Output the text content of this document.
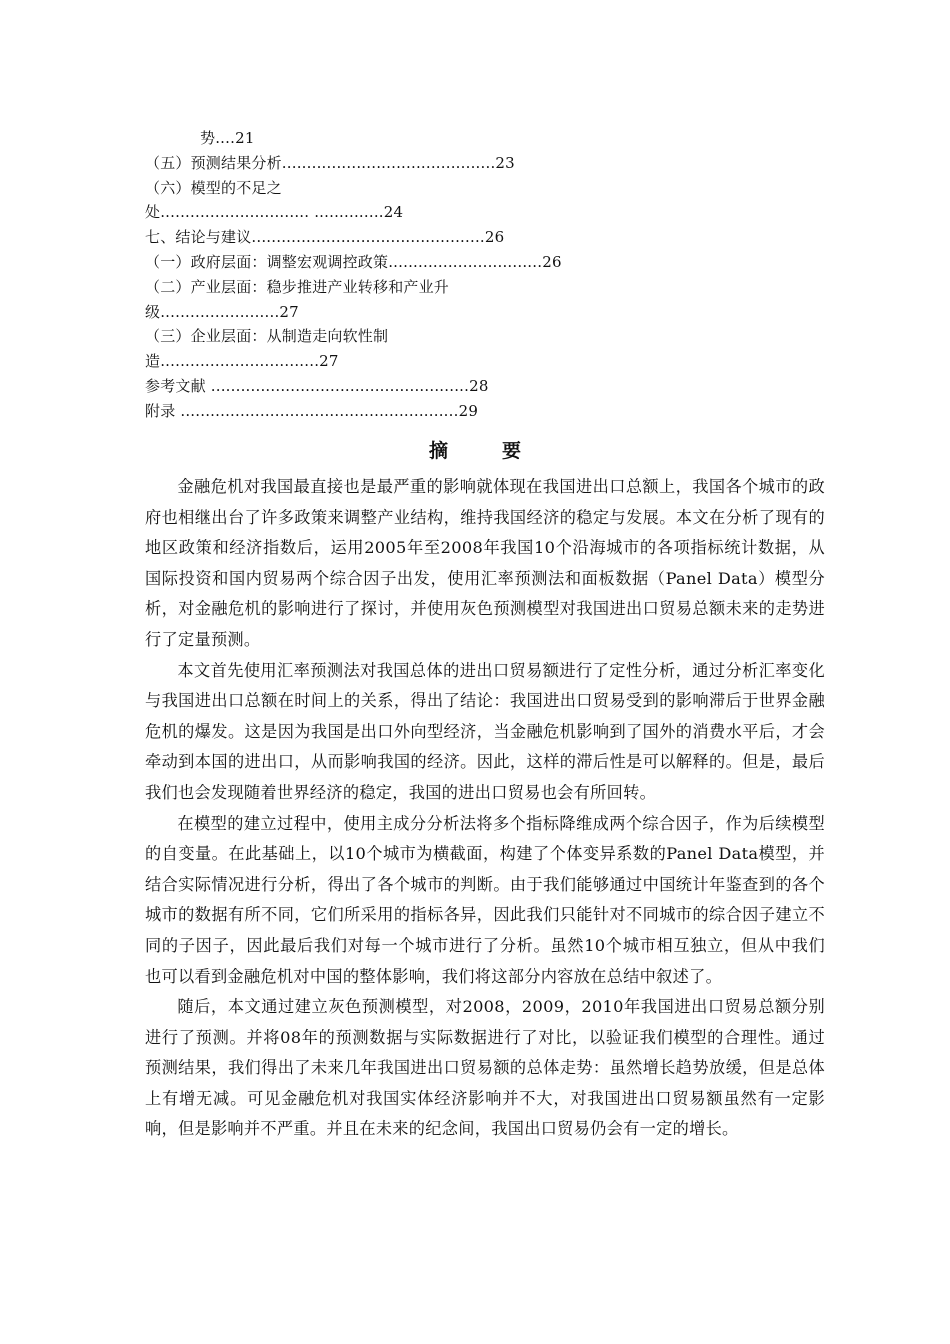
势....21
（五）预测结果分析...........................................23
（六）模型的不足之
处.............................. ..............24
七、结论与建议...............................................26
（一）政府层面：调整宏观调控政策...............................26
（二）产业层面：稳步推进产业转移和产业升
级........................27
（三）企业层面：从制造走向软性制
造................................27
参考文献 ....................................................28
附录 ........................................................29
摘要

金融危机对我国最直接也是最严重的影响就体现在我国进出口总额上，我国各个城市的政府也相继出台了许多政策来调整产业结构，维持我国经济的稳定与发展。本文在分析了现有的地区政策和经济指数后，运用2005年至2008年我国10个沿海城市的各项指标统计数据，从国际投资和国内贸易两个综合因子出发，使用汇率预测法和面板数据（Panel Data）模型分析，对金融危机的影响进行了探讨，并使用灰色预测模型对我国进出口贸易总额未来的走势进行了定量预测。

本文首先使用汇率预测法对我国总体的进出口贸易额进行了定性分析，通过分析汇率变化与我国进出口总额在时间上的关系，得出了结论：我国进出口贸易受到的影响滞后于世界金融危机的爆发。这是因为我国是出口外向型经济，当金融危机影响到了国外的消费水平后，才会牵动到本国的进出口，从而影响我国的经济。因此，这样的滞后性是可以解释的。但是，最后我们也会发现随着世界经济的稳定，我国的进出口贸易也会有所回转。

在模型的建立过程中，使用主成分分析法将多个指标降维成两个综合因子，作为后续模型的自变量。在此基础上，以10个城市为横截面，构建了个体变异系数的Panel Data模型，并结合实际情况进行分析，得出了各个城市的判断。由于我们能够通过中国统计年鉴查到的各个城市的数据有所不同，它们所采用的指标各异，因此我们只能针对不同城市的综合因子建立不同的子因子，因此最后我们对每一个城市进行了分析。虽然10个城市相互独立，但从中我们也可以看到金融危机对中国的整体影响，我们将这部分内容放在总结中叙述了。

随后，本文通过建立灰色预测模型，对2008，2009，2010年我国进出口贸易总额分别进行了预测。并将08年的预测数据与实际数据进行了对比，以验证我们模型的合理性。通过预测结果，我们得出了未来几年我国进出口贸易额的总体走势：虽然增长趋势放缓，但是总体上有增无减。可见金融危机对我国实体经济影响并不大，对我国进出口贸易额虽然有一定影响，但是影响并不严重。并且在未来的纪念间，我国出口贸易仍会有一定的增长。
